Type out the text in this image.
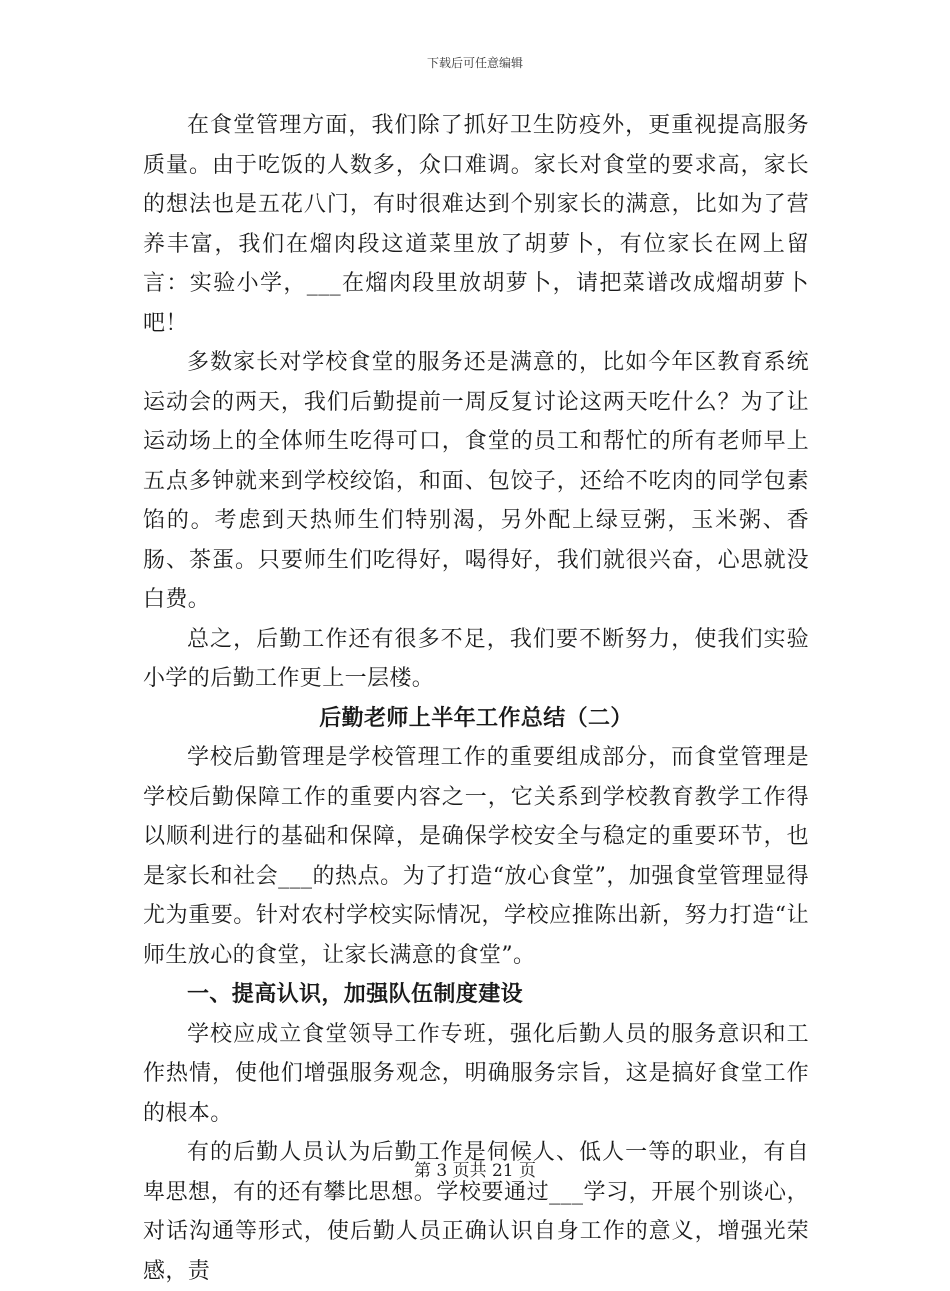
下载后可任意编辑

在食堂管理方面，我们除了抓好卫生防疫外，更重视提高服务质量。由于吃饭的人数多，众口难调。家长对食堂的要求高，家长的想法也是五花八门，有时很难达到个别家长的满意，比如为了营养丰富，我们在熘肉段这道菜里放了胡萝卜，有位家长在网上留言：实验小学，___在熘肉段里放胡萝卜，请把菜谱改成熘胡萝卜吧！

多数家长对学校食堂的服务还是满意的，比如今年区教育系统运动会的两天，我们后勤提前一周反复讨论这两天吃什么？为了让运动场上的全体师生吃得可口，食堂的员工和帮忙的所有老师早上五点多钟就来到学校绞馅，和面、包饺子，还给不吃肉的同学包素馅的。考虑到天热师生们特别渴，另外配上绿豆粥，玉米粥、香肠、茶蛋。只要师生们吃得好，喝得好，我们就很兴奋，心思就没白费。

总之，后勤工作还有很多不足，我们要不断努力，使我们实验小学的后勤工作更上一层楼。

后勤老师上半年工作总结（二）

学校后勤管理是学校管理工作的重要组成部分，而食堂管理是学校后勤保障工作的重要内容之一，它关系到学校教育教学工作得以顺利进行的基础和保障，是确保学校安全与稳定的重要环节，也是家长和社会___的热点。为了打造“放心食堂”，加强食堂管理显得尤为重要。针对农村学校实际情况，学校应推陈出新，努力打造“让师生放心的食堂，让家长满意的食堂”。

一、提高认识，加强队伍制度建设

学校应成立食堂领导工作专班，强化后勤人员的服务意识和工作热情，使他们增强服务观念，明确服务宗旨，这是搞好食堂工作的根本。

有的后勤人员认为后勤工作是伺候人、低人一等的职业，有自卑思想，有的还有攀比思想。学校要通过___学习，开展个别谈心，对话沟通等形式，使后勤人员正确认识自身工作的意义，增强光荣感，责

第 3 页共 21 页
